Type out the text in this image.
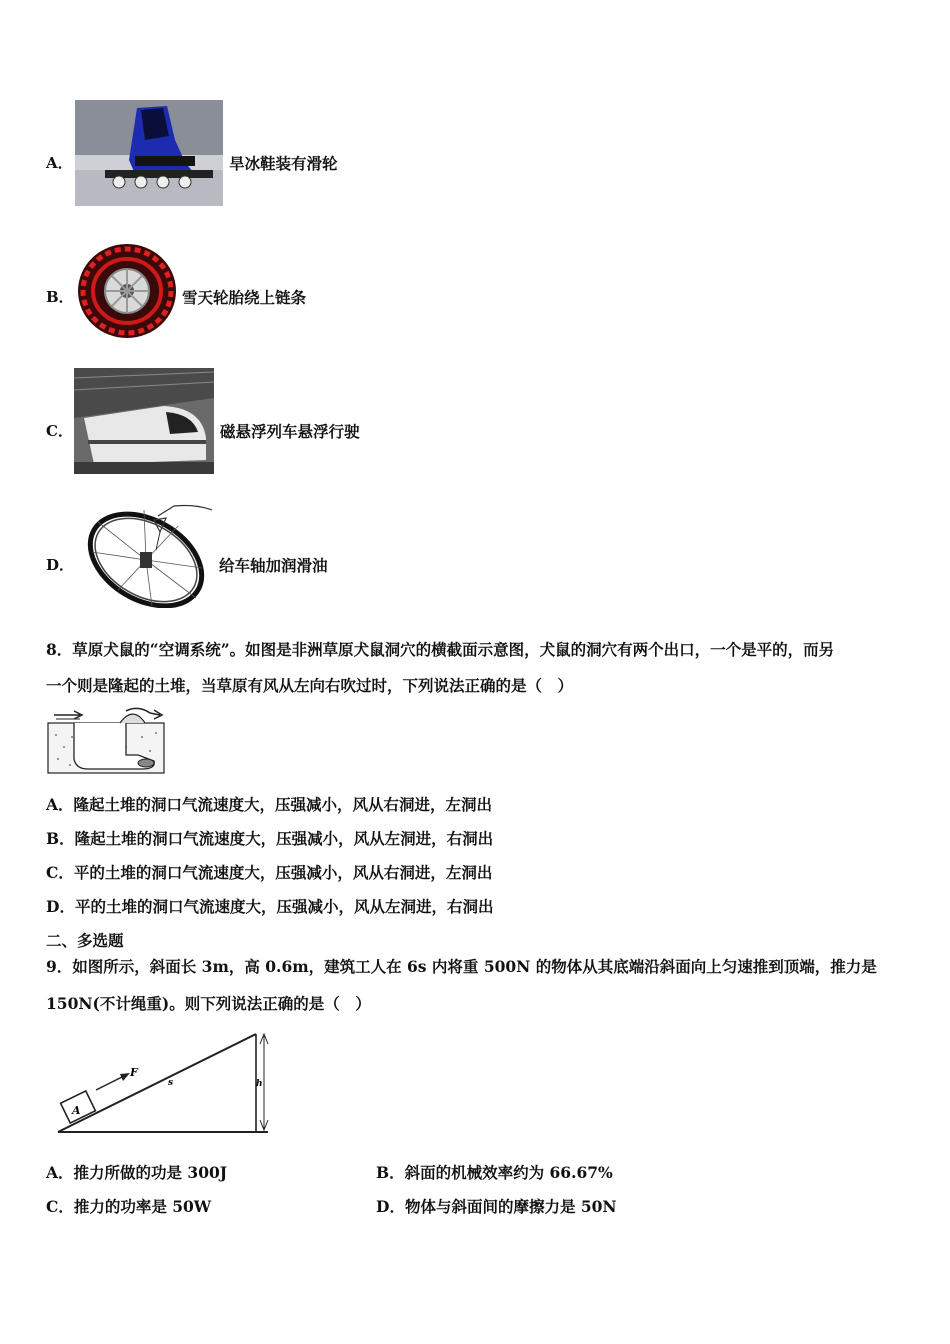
A．	旱冰鞋装有滑轮
B．	雪天轮胎绕上链条
C．	磁悬浮列车悬浮行驶
D．	给车轴加润滑油
8．草原犬鼠的“空调系统”。如图是非洲草原犬鼠洞穴的横截面示意图，犬鼠的洞穴有两个出口，一个是平的，而另
一个则是隆起的土堆，当草原有风从左向右吹过时，下列说法正确的是（　）
A．隆起土堆的洞口气流速度大，压强减小，风从右洞进，左洞出
B．隆起土堆的洞口气流速度大，压强减小，风从左洞进，右洞出
C．平的土堆的洞口气流速度大，压强减小，风从右洞进，左洞出
D．平的土堆的洞口气流速度大，压强减小，风从左洞进，右洞出
二、多选题
9．如图所示，斜面长 3m，高 0.6m，建筑工人在 6s 内将重 500N 的物体从其底端沿斜面向上匀速推到顶端，推力是
150N(不计绳重)。则下列说法正确的是（　）
A
F
s	h
A．推力所做的功是 300J	B．斜面的机械效率约为 66.67%
C．推力的功率是 50W	D．物体与斜面间的摩擦力是 50N
